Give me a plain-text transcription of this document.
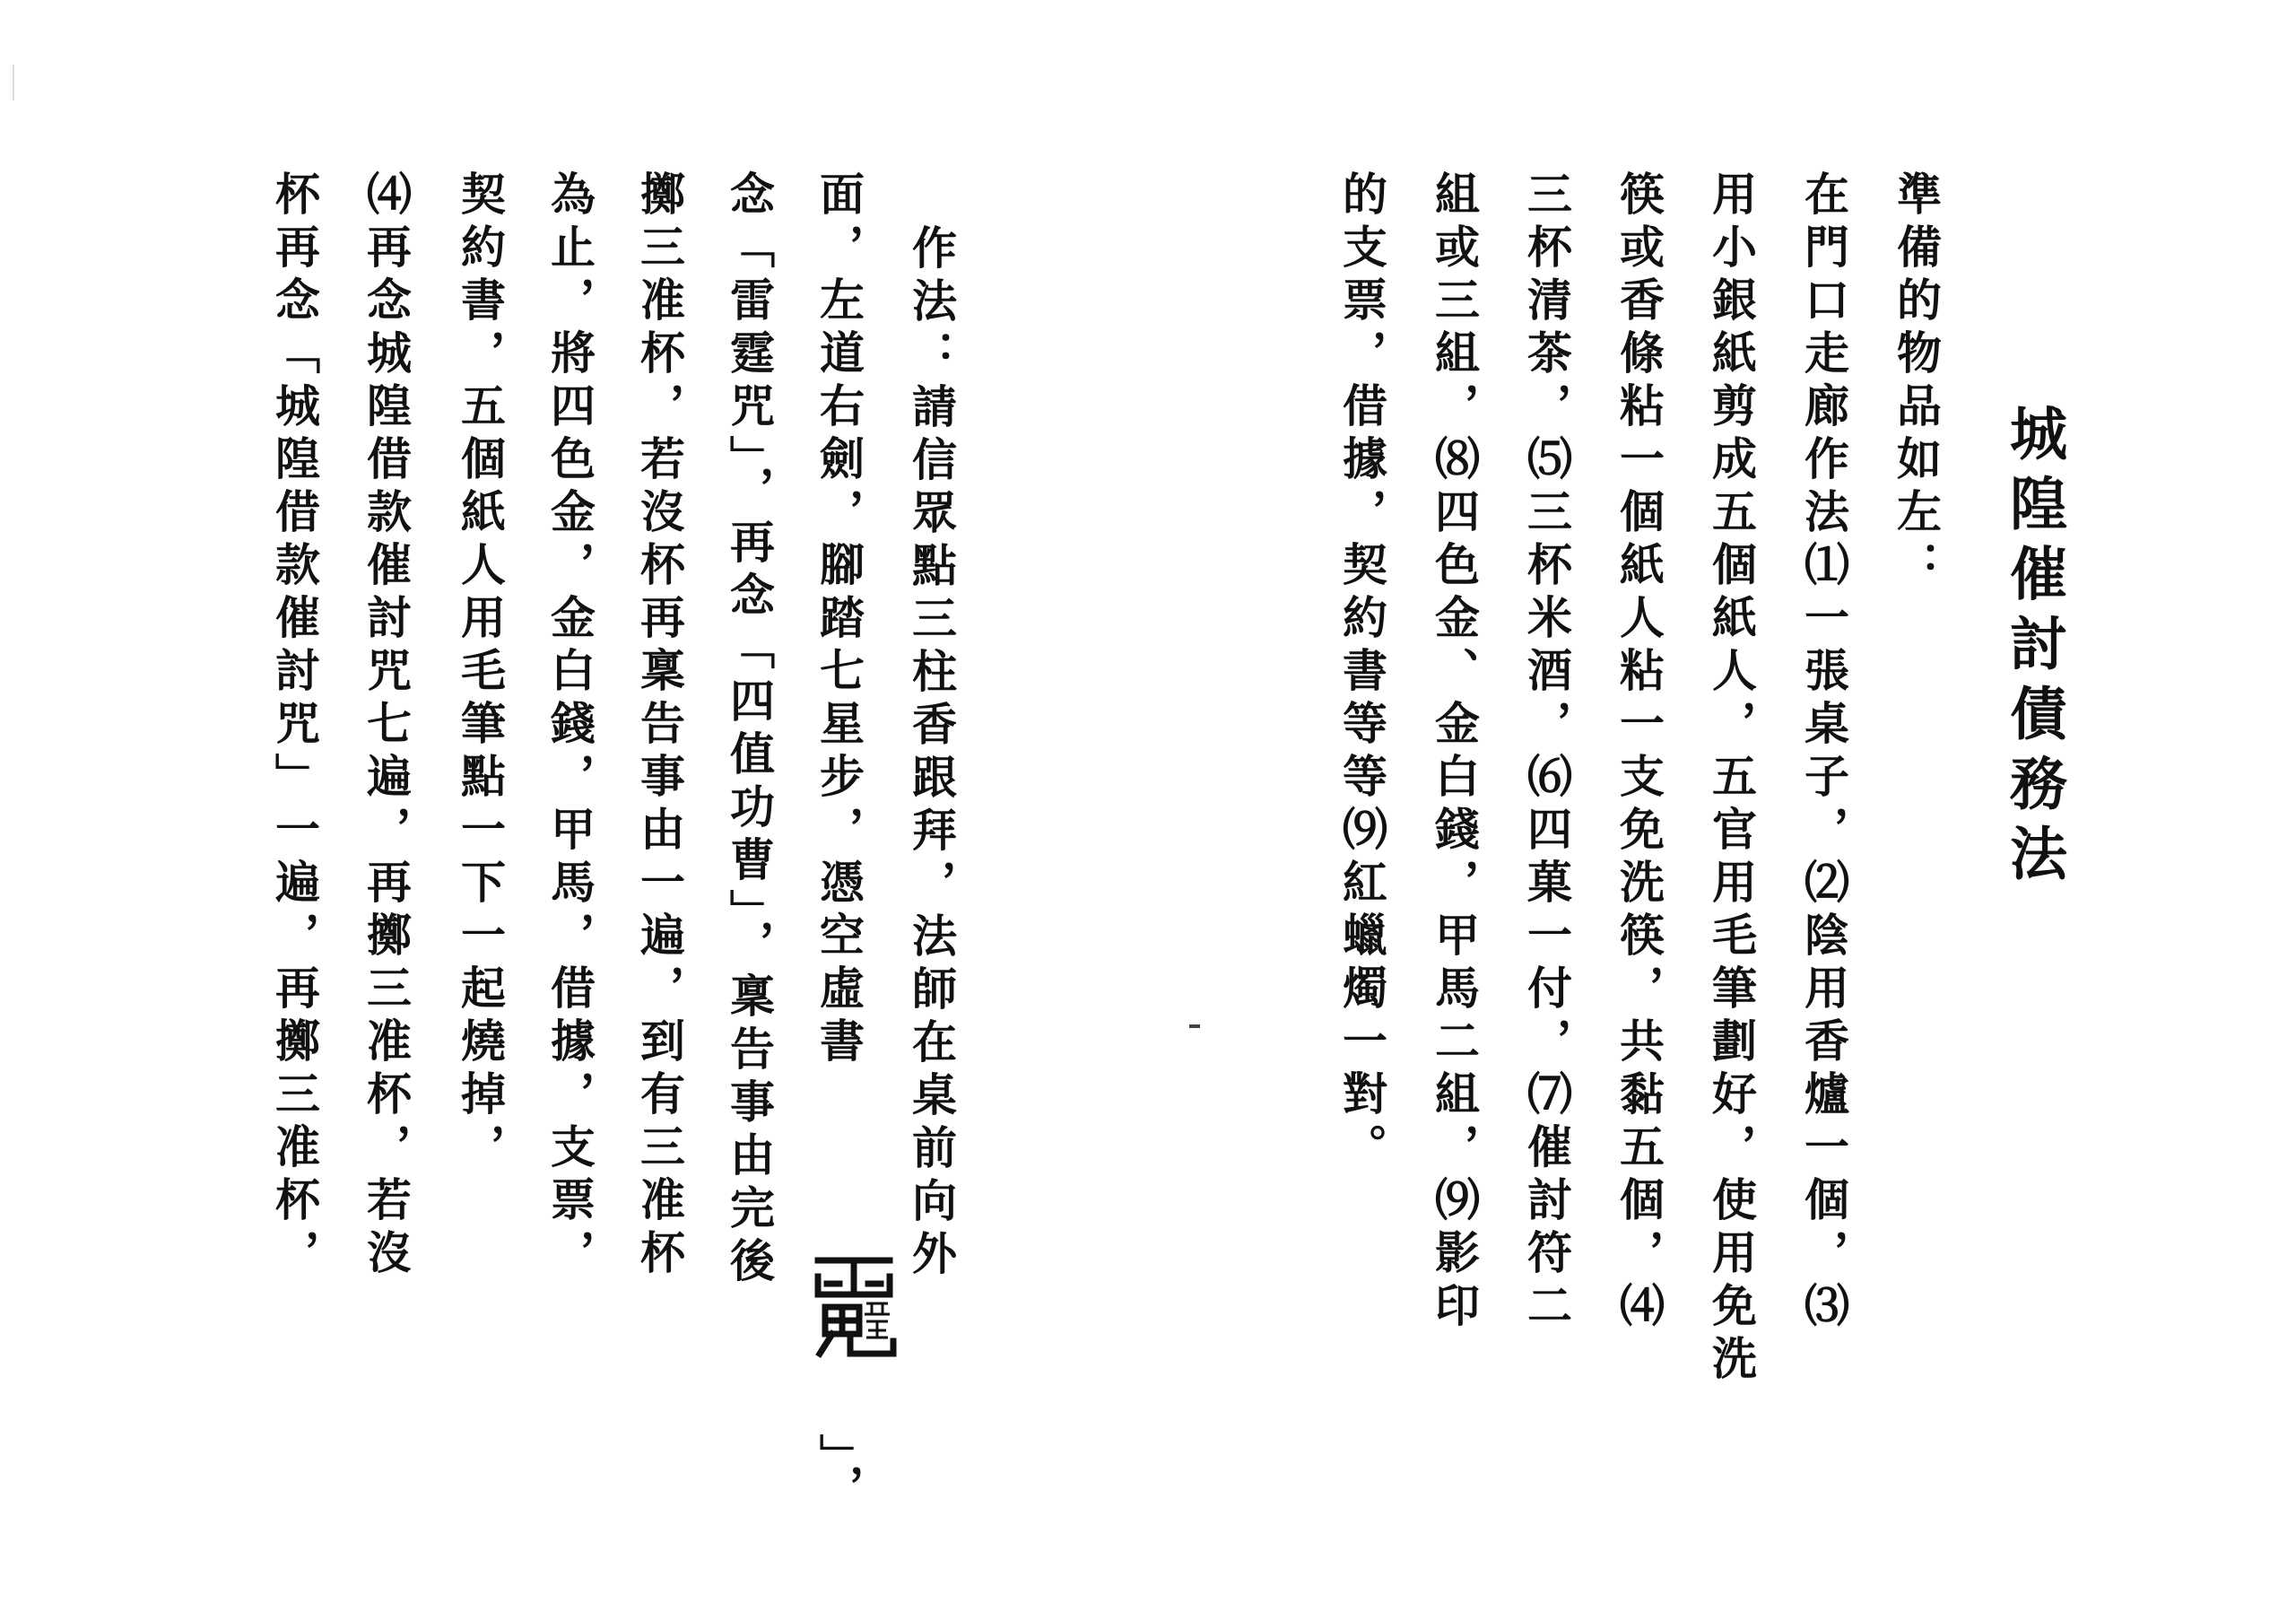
作法：請信眾點三柱香跟拜，法師在桌前向外
面，左道右劍，腳踏七星步，憑空虛書
」，
念「雷霆咒」，再念「四值功曹」，稟告事由完後
擲三准杯，若沒杯再稟告事由一遍，到有三准杯
為止，將四色金，金白錢，甲馬，借據，支票，
契約書，五個紙人用毛筆點一下一起燒掉，
⑷再念城隍借款催討咒七遍，再擲三准杯，若沒
杯再念「城隍借款催討咒」一遍，再擲三准杯，	城隍催討債務法
準備的物品如左：
在門口走廊作法⑴一張桌子，⑵陰用香爐一個，⑶
用小銀紙剪成五個紙人，五官用毛筆劃好，使用免洗
筷或香條粘一個紙人粘一支免洗筷，共黏五個，⑷
三杯清茶，⑸三杯米酒，⑹四菓一付，⑺催討符二
組或三組，⑻四色金、金白錢，甲馬二組，⑼影印
的支票，借據，契約書等等⑼紅蠟燭一對。
